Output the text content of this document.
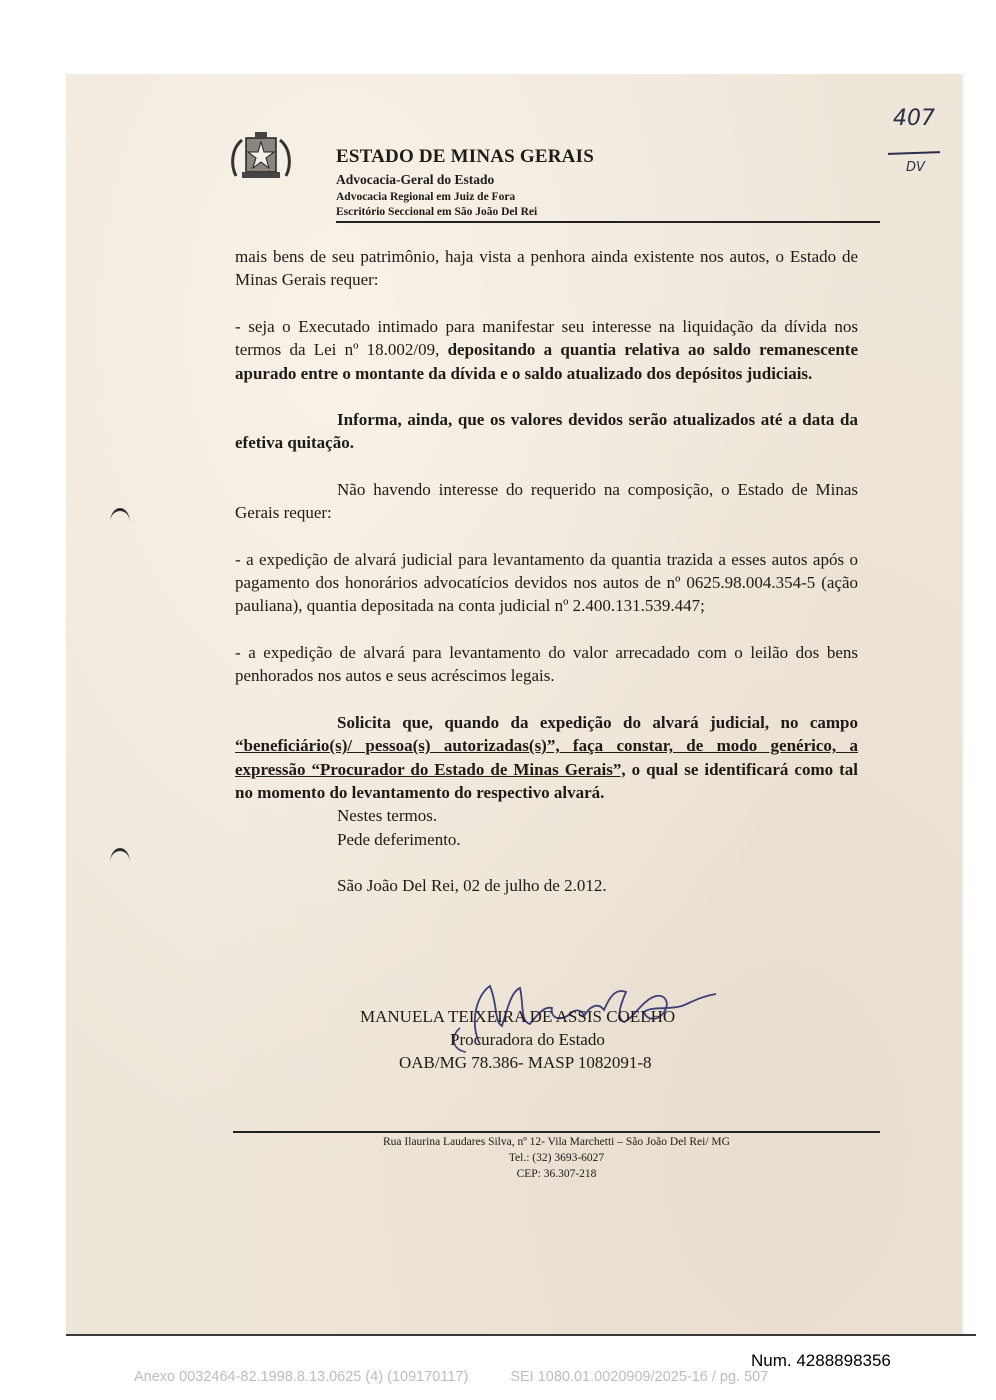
ESTADO DE MINAS GERAIS
Advocacia-Geral do Estado
Advocacia Regional em Juiz de Fora
Escritório Seccional em São João Del Rei
407
DV

mais bens de seu patrimônio, haja vista a penhora ainda existente nos autos, o Estado de Minas Gerais requer:

- seja o Executado intimado para manifestar seu interesse na liquidação da dívida nos termos da Lei nº 18.002/09, depositando a quantia relativa ao saldo remanescente apurado entre o montante da dívida e o saldo atualizado dos depósitos judiciais.

Informa, ainda, que os valores devidos serão atualizados até a data da efetiva quitação.

Não havendo interesse do requerido na composição, o Estado de Minas Gerais requer:

- a expedição de alvará judicial para levantamento da quantia trazida a esses autos após o pagamento dos honorários advocatícios devidos nos autos de nº 0625.98.004.354-5 (ação pauliana), quantia depositada na conta judicial nº 2.400.131.539.447;

- a expedição de alvará para levantamento do valor arrecadado com o leilão dos bens penhorados nos autos e seus acréscimos legais.

Solicita que, quando da expedição do alvará judicial, no campo “beneficiário(s)/ pessoa(s) autorizadas(s)”, faça constar, de modo genérico, a expressão “Procurador do Estado de Minas Gerais”, o qual se identificará como tal no momento do levantamento do respectivo alvará.

Nestes termos.

Pede deferimento.

São João Del Rei, 02 de julho de 2.012.

MANUELA TEIXEIRA DE ASSIS COELHO
Procuradora do Estado
OAB/MG 78.386- MASP 1082091-8
Rua Ilaurina Laudares Silva, nº 12- Vila Marchetti – São João Del Rei/ MG
Tel.: (32) 3693-6027
CEP: 36.307-218
Num. 4288898356
Anexo 0032464-82.1998.8.13.0625 (4) (109170117)	SEI 1080.01.0020909/2025-16 / pg. 507
